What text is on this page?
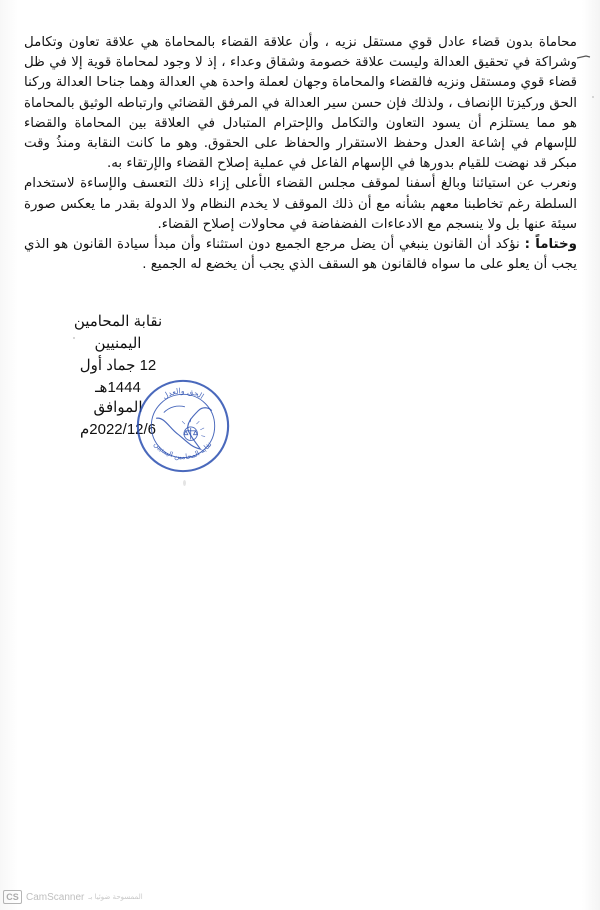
محاماة بدون قضاء عادل قوي مستقل نزيه ، وأن علاقة القضاء بالمحاماة هي علاقة تعاون وتكامل وشراكة في تحقيق العدالة وليست علاقة خصومة وشقاق وعداء ، إذ لا وجود لمحاماة قوية إلا في ظل قضاء قوي ومستقل ونزيه فالقضاء والمحاماة وجهان لعملة واحدة هي العدالة وهما جناحا العدالة وركنا الحق وركيزتا الإنصاف ، ولذلك فإن حسن سير العدالة في المرفق القضائي وارتباطه الوثيق بالمحاماة هو مما يستلزم أن يسود التعاون والتكامل والإحترام المتبادل في العلاقة بين المحاماة والقضاء للإسهام في إشاعة العدل وحفظ الاستقرار والحفاظ على الحقوق. وهو ما كانت النقابة ومنذُ وقت مبكر قد نهضت للقيام بدورها في الإسهام الفاعل في عملية إصلاح القضاء والإرتقاء به.

ونعرب عن استيائنا وبالغ أسفنا لموقف مجلس القضاء الأعلى إزاء ذلك التعسف والإساءة لاستخدام السلطة رغم تخاطبنا معهم بشأنه مع أن ذلك الموقف لا يخدم النظام ولا الدولة بقدر ما يعكس صورة سيئة عنها بل ولا ينسجم مع الادعاءات الفضفاضة في محاولات إصلاح القضاء.

وختاماً : نؤكد أن القانون ينبغي أن يضل مرجع الجميع دون استثناء وأن مبدأ سيادة القانون هو الذي يجب أن يعلو على ما سواه فالقانون هو السقف الذي يجب أن يخضع له الجميع .

نقابة المحامين اليمنيين
12 جماد أول 1444هـ
الموافق 2022/12/6م
الحق والعدل
نقابة المحامين اليمنيين
CS CamScanner الممسوحة ضوئيا بـ
